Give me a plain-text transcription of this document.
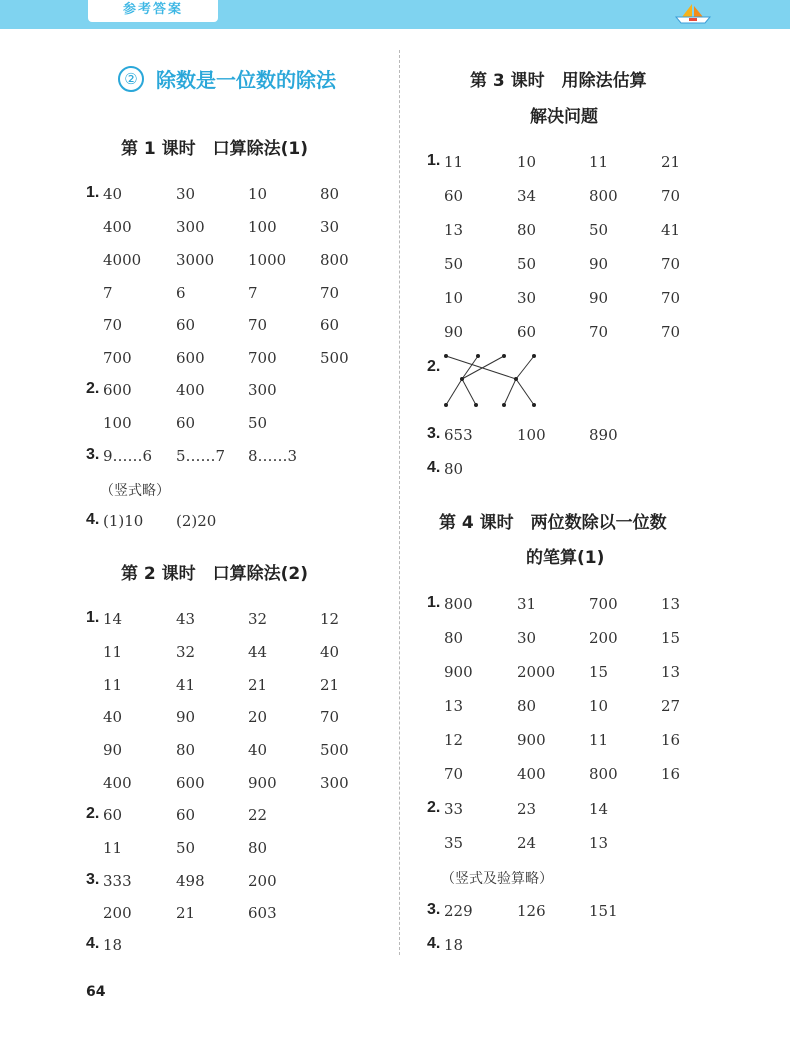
参考答案
② 除数是一位数的除法
第 1 课时　口算除法(1)
1. 40	30	10	80
400	300	100	30
4000 3000 1000 800
7	6	7	70
70	60	70	60
700	600	700	500
2. 600	400	300
100	60	50
3. 9……6 5……7 8……3
（竖式略）
4. (1)10 (2)20
第 2 课时　口算除法(2)
1. 14	43	32	12
11	32	44	40
11	41	21	21
40	90	20	70
90	80	40	500
400	600	900	300
2. 60	60	22
11	50	80
3. 333	498	200
200	21	603
4. 18
第 3 课时　用除法估算
解决问题
1. 11	10	11	21
60	34	800	70
13	80	50	41
50	50	90	70
10	30	90	70
90	60	70	70
2.
3. 653	100	890
4. 80
第 4 课时　两位数除以一位数
的笔算(1)
1. 800	31	700	13
80	30	200	15
900	2000 15	13
13	80	10	27
12	900	11	16
70	400	800	16
2. 33	23	14
35	24	13
（竖式及验算略）
3. 229	126	151
4. 18
64
